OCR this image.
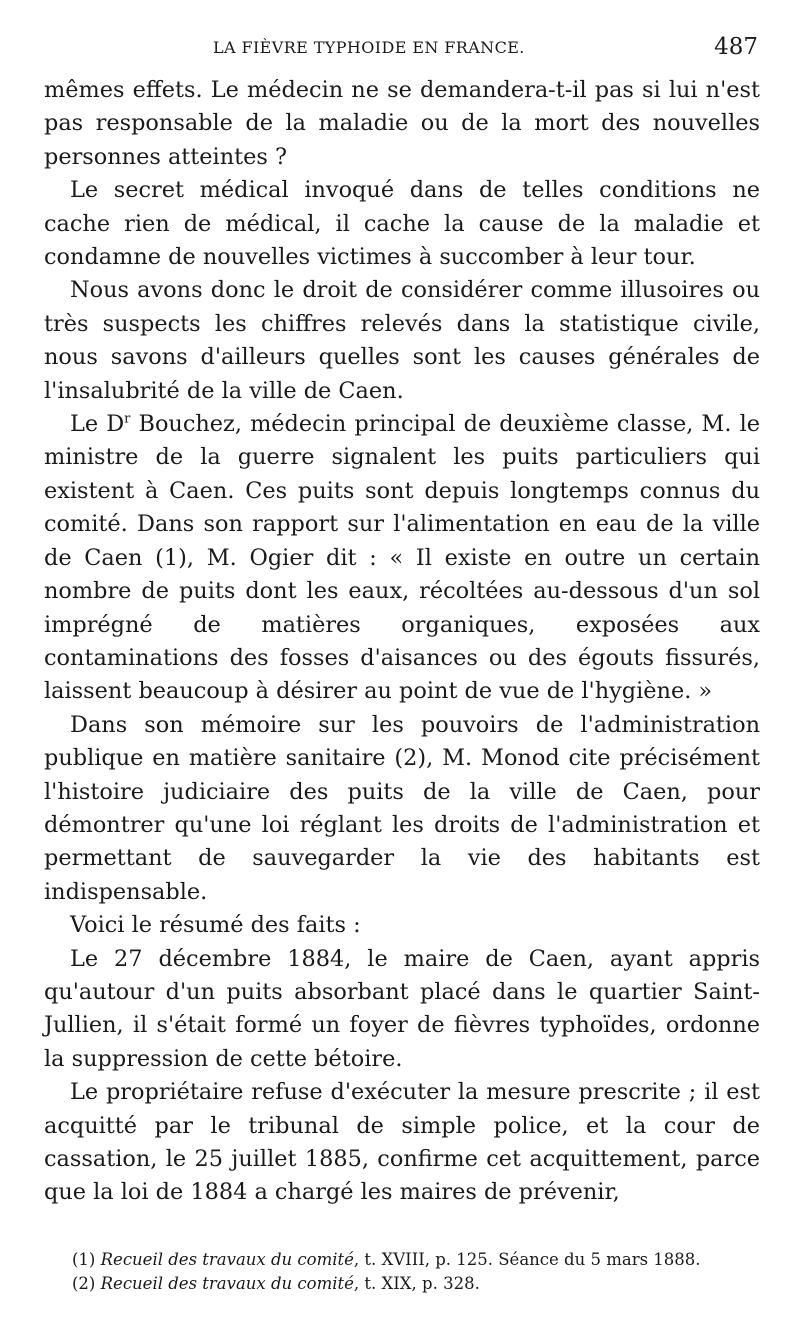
LA FIÈVRE TYPHOIDE EN FRANCE.	487

mêmes effets. Le médecin ne se demandera-t-il pas si lui n'est pas responsable de la maladie ou de la mort des nouvelles personnes atteintes ?

Le secret médical invoqué dans de telles conditions ne cache rien de médical, il cache la cause de la maladie et condamne de nouvelles victimes à succomber à leur tour.

Nous avons donc le droit de considérer comme illusoires ou très suspects les chiffres relevés dans la statistique civile, nous savons d'ailleurs quelles sont les causes générales de l'insalubrité de la ville de Caen.

Le $D^r$ Bouchez, médecin principal de deuxième classe, M. le ministre de la guerre signalent les puits particuliers qui existent à Caen. Ces puits sont depuis longtemps connus du comité. Dans son rapport sur l'alimentation en eau de la ville de Caen (1), M. Ogier dit : « Il existe en outre un certain nombre de puits dont les eaux, récoltées au-dessous d'un sol imprégné de matières organiques, exposées aux contaminations des fosses d'aisances ou des égouts fissurés, laissent beaucoup à désirer au point de vue de l'hygiène. »

Dans son mémoire sur les pouvoirs de l'administration publique en matière sanitaire (2), M. Monod cite précisément l'histoire judiciaire des puits de la ville de Caen, pour démontrer qu'une loi réglant les droits de l'administration et permettant de sauvegarder la vie des habitants est indispensable.

Voici le résumé des faits :

Le 27 décembre 1884, le maire de Caen, ayant appris qu'autour d'un puits absorbant placé dans le quartier Saint-Jullien, il s'était formé un foyer de fièvres typhoïdes, ordonne la suppression de cette bétoire.

Le propriétaire refuse d'exécuter la mesure prescrite ; il est acquitté par le tribunal de simple police, et la cour de cassation, le 25 juillet 1885, confirme cet acquittement, parce que la loi de 1884 a chargé les maires de prévenir,

(1) Recueil des travaux du comité, t. XVIII, p. 125. Séance du 5 mars 1888.

(2) Recueil des travaux du comité, t. XIX, p. 328.
